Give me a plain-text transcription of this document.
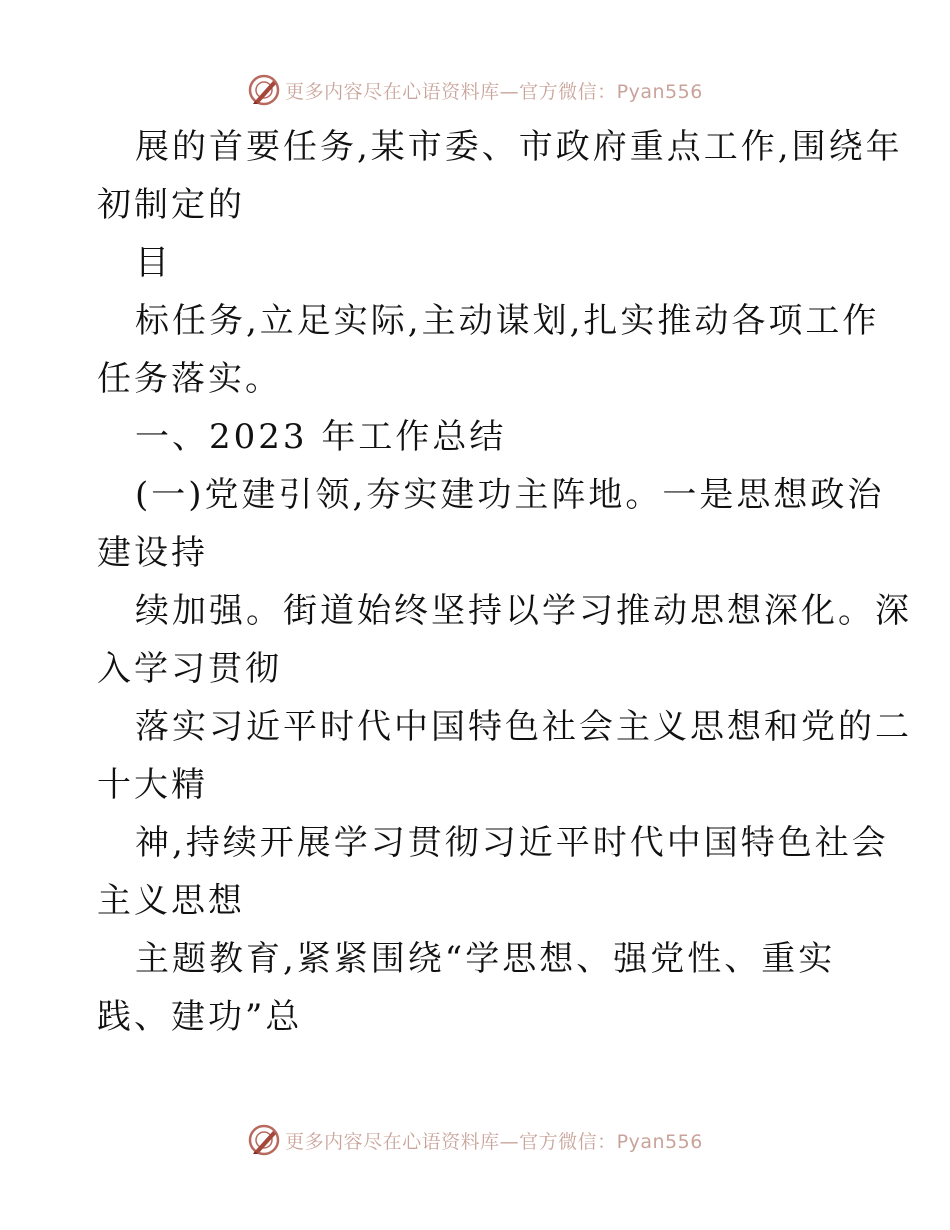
更多内容尽在心语资料库—官方微信：Pyan556
展的首要任务,某市委、市政府重点工作,围绕年
初制定的
目
标任务,立足实际,主动谋划,扎实推动各项工作
任务落实。
一、2023 年工作总结
(一)党建引领,夯实建功主阵地。一是思想政治
建设持
续加强。街道始终坚持以学习推动思想深化。深
入学习贯彻
落实习近平时代中国特色社会主义思想和党的二
十大精
神,持续开展学习贯彻习近平时代中国特色社会
主义思想
主题教育,紧紧围绕“学思想、强党性、重实
践、建功”总
更多内容尽在心语资料库—官方微信：Pyan556
